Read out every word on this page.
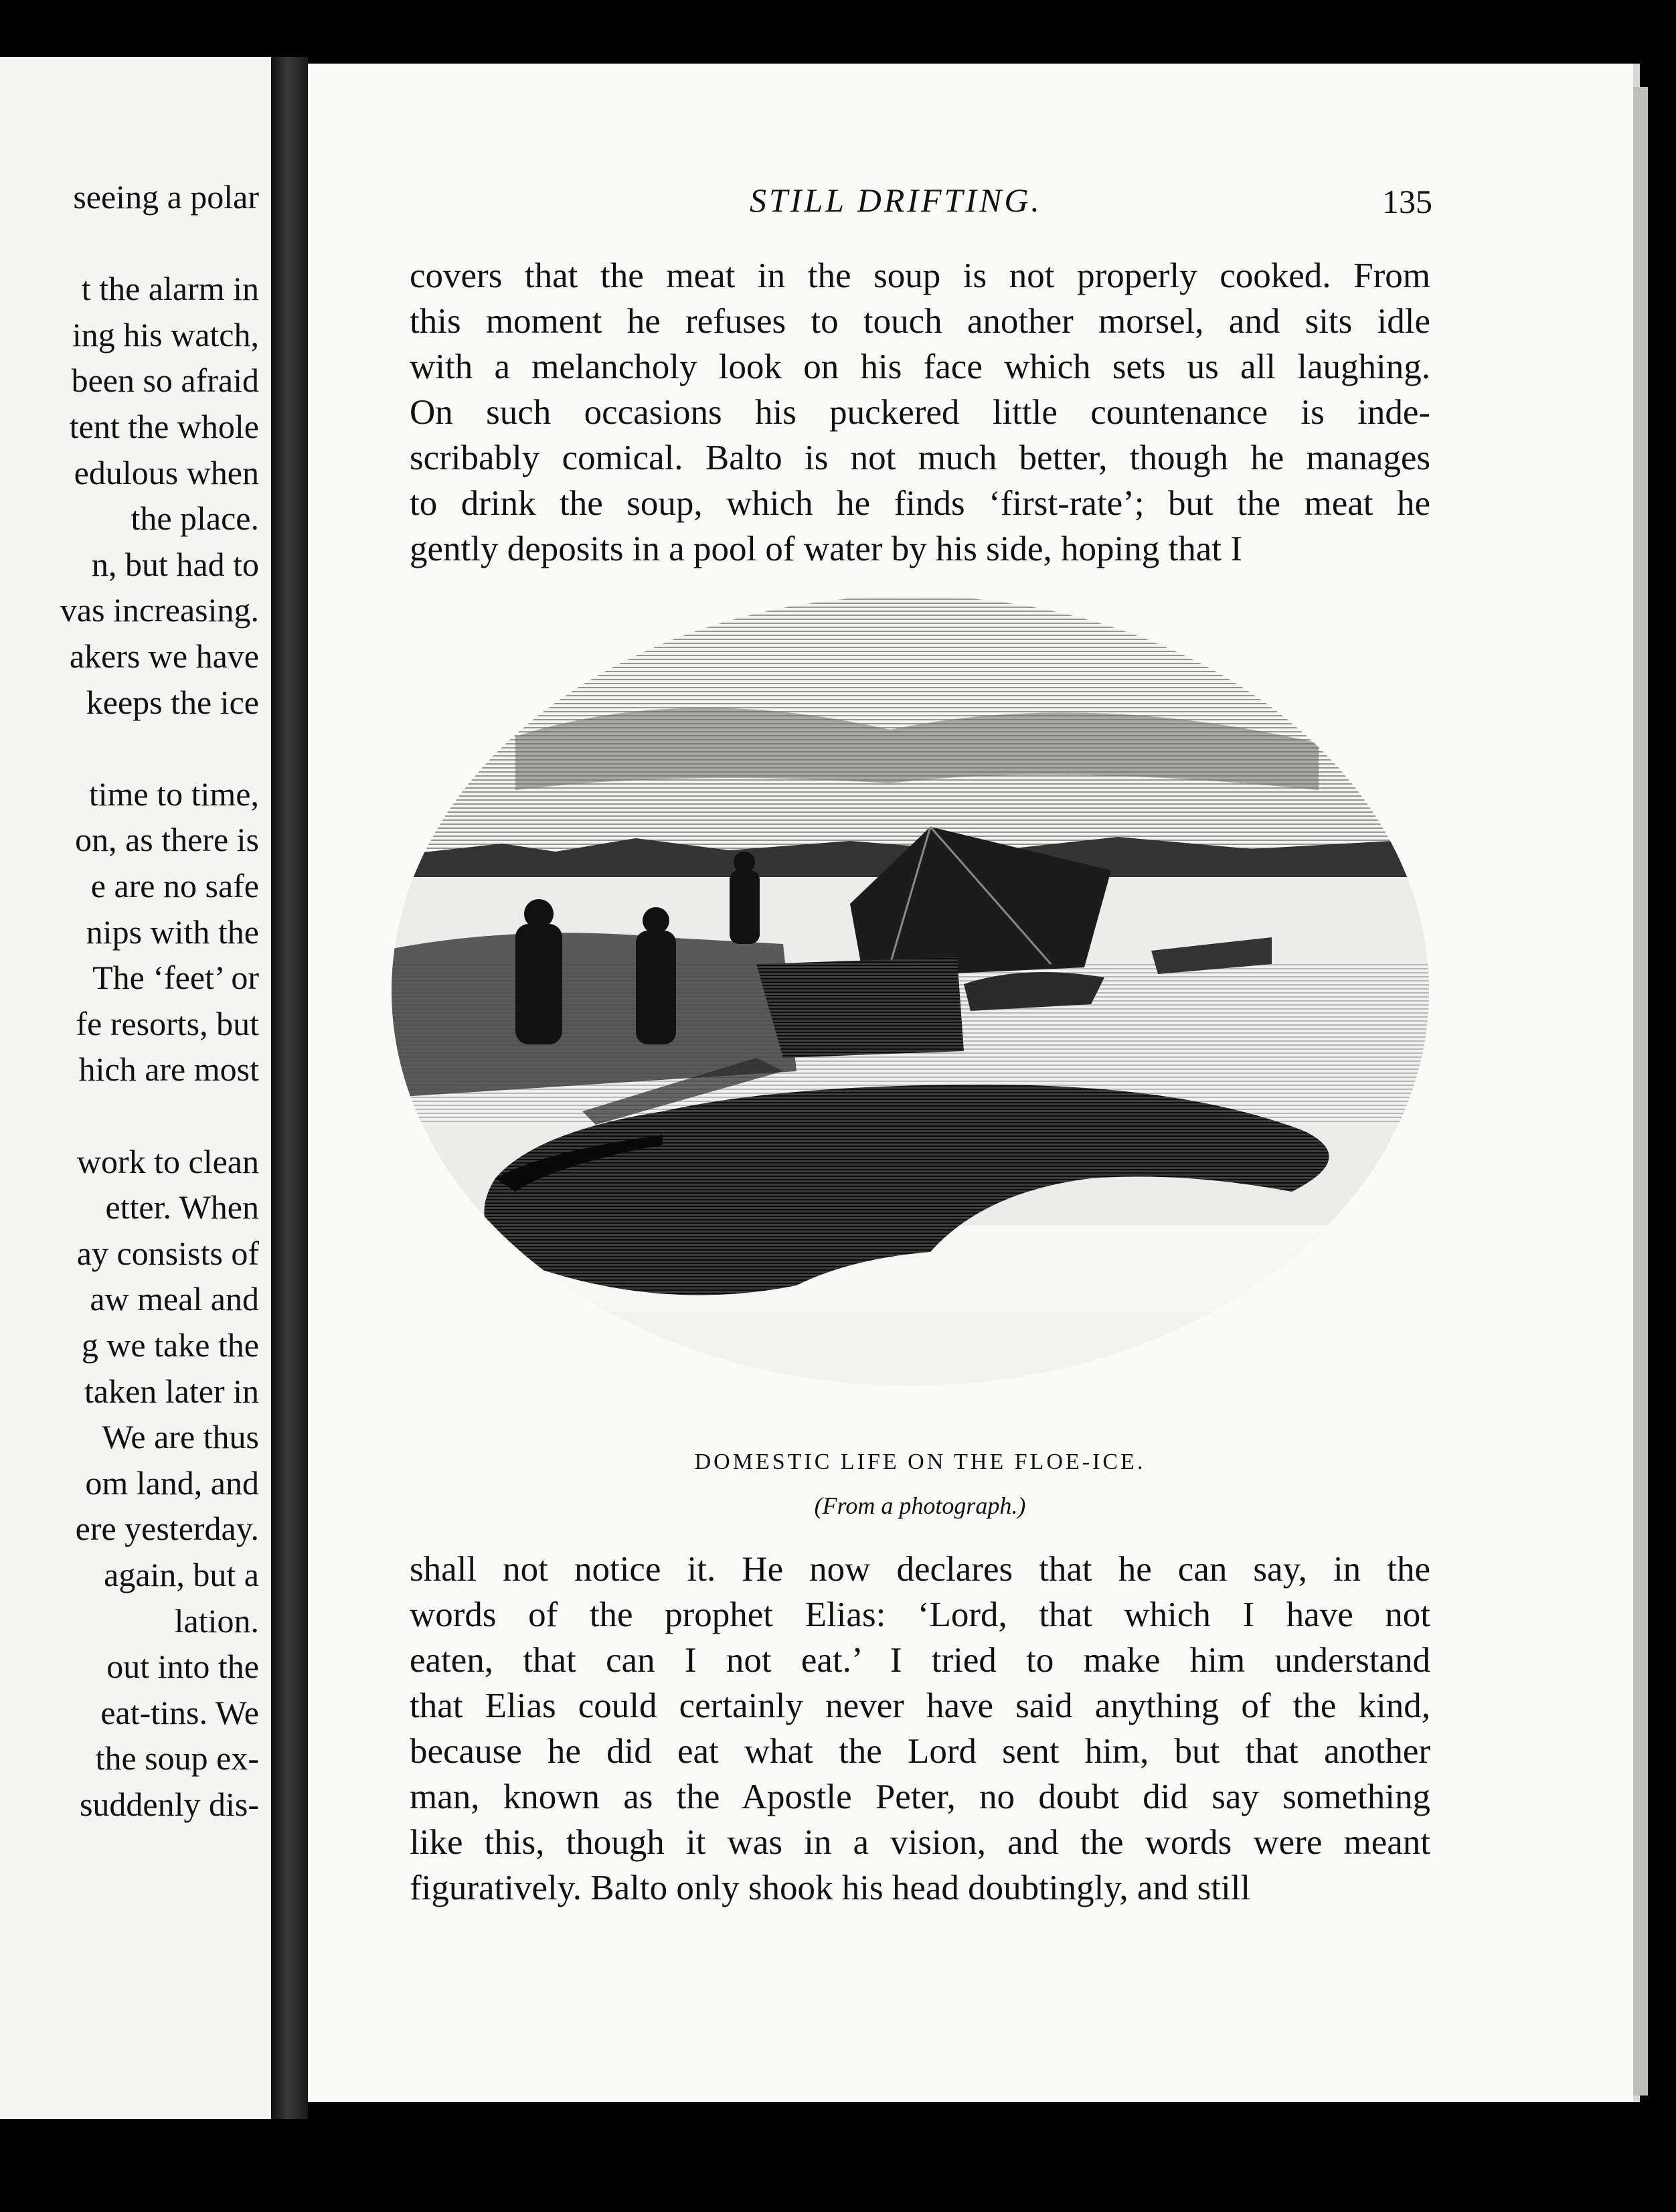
seeing a polar
t the alarm in
ing his watch,
been so afraid
tent the whole
edulous when
the place.
n, but had to
vas increasing.
akers we have
keeps the ice
time to time,
on, as there is
e are no safe
nips with the
The ‘feet’ or
fe resorts, but
hich are most
work to clean
etter. When
ay consists of
aw meal and
g we take the
taken later in
We are thus
om land, and
ere yesterday.
again, but a
lation.
out into the
eat-tins. We
the soup ex-
suddenly dis-
STILL DRIFTING.	135
covers that the meat in the soup is not properly cooked. From
this moment he refuses to touch another morsel, and sits idle
with a melancholy look on his face which sets us all laughing.
On such occasions his puckered little countenance is inde-
scribably comical. Balto is not much better, though he manages
to drink the soup, which he finds ‘first-rate’; but the meat he
gently deposits in a pool of water by his side, hoping that I
DOMESTIC LIFE ON THE FLOE-ICE.
(From a photograph.)
shall not notice it. He now declares that he can say, in the
words of the prophet Elias: ‘Lord, that which I have not
eaten, that can I not eat.’ I tried to make him understand
that Elias could certainly never have said anything of the kind,
because he did eat what the Lord sent him, but that another
man, known as the Apostle Peter, no doubt did say something
like this, though it was in a vision, and the words were meant
figuratively. Balto only shook his head doubtingly, and still
